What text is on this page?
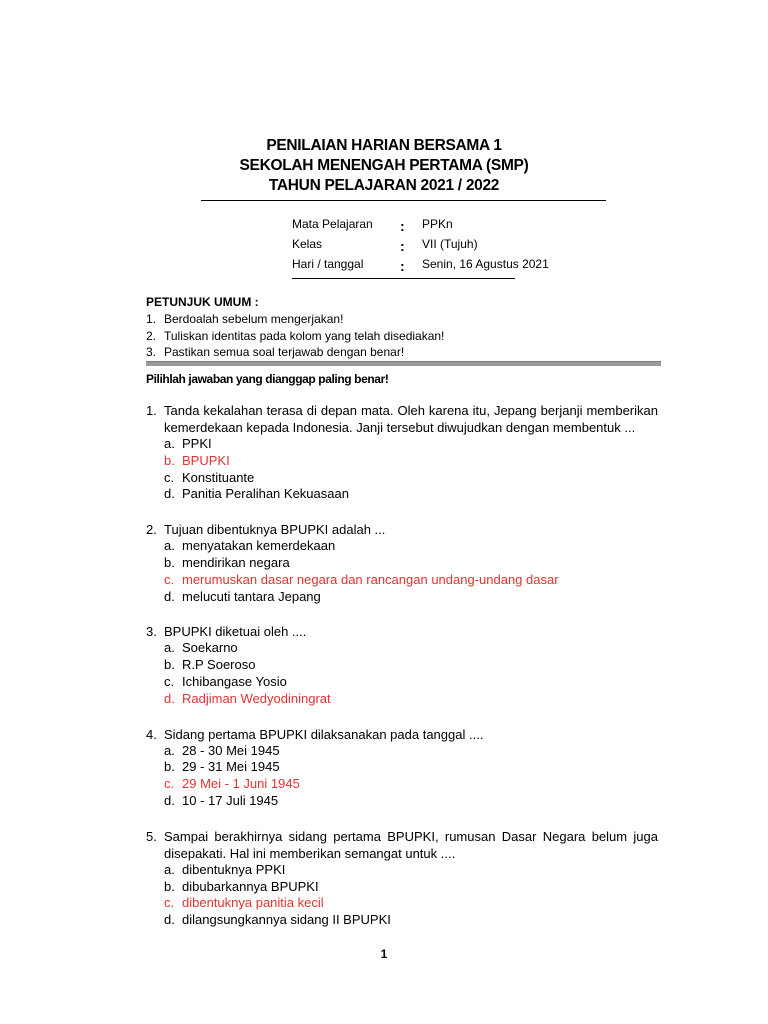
PENILAIAN HARIAN BERSAMA 1
SEKOLAH MENENGAH PERTAMA (SMP)
TAHUN PELAJARAN 2021 / 2022
Mata Pelajaran : PPKn
Kelas	: VII (Tujuh)
Hari / tanggal	: Senin, 16 Agustus 2021
PETUNJUK UMUM :
1. Berdoalah sebelum mengerjakan!
2. Tuliskan identitas pada kolom yang telah disediakan!
3. Pastikan semua soal terjawab dengan benar!
Pilihlah jawaban yang dianggap paling benar!
1. Tanda kekalahan terasa di depan mata. Oleh karena itu, Jepang berjanji memberikan kemerdekaan kepada Indonesia. Janji tersebut diwujudkan dengan membentuk ...
a. PPKI
b. BPUPKI
c. Konstituante
d. Panitia Peralihan Kekuasaan
2. Tujuan dibentuknya BPUPKI adalah ...
a. menyatakan kemerdekaan
b. mendirikan negara
c. merumuskan dasar negara dan rancangan undang-undang dasar
d. melucuti tantara Jepang
3. BPUPKI diketuai oleh ....
a. Soekarno
b. R.P Soeroso
c. Ichibangase Yosio
d. Radjiman Wedyodiningrat
4. Sidang pertama BPUPKI dilaksanakan pada tanggal ....
a. 28 - 30 Mei 1945
b. 29 - 31 Mei 1945
c. 29 Mei - 1 Juni 1945
d. 10 - 17 Juli 1945
5. Sampai berakhirnya sidang pertama BPUPKI, rumusan Dasar Negara belum juga disepakati. Hal ini memberikan semangat untuk ....
a. dibentuknya PPKI
b. dibubarkannya BPUPKI
c. dibentuknya panitia kecil
d. dilangsungkannya sidang II BPUPKI
1
